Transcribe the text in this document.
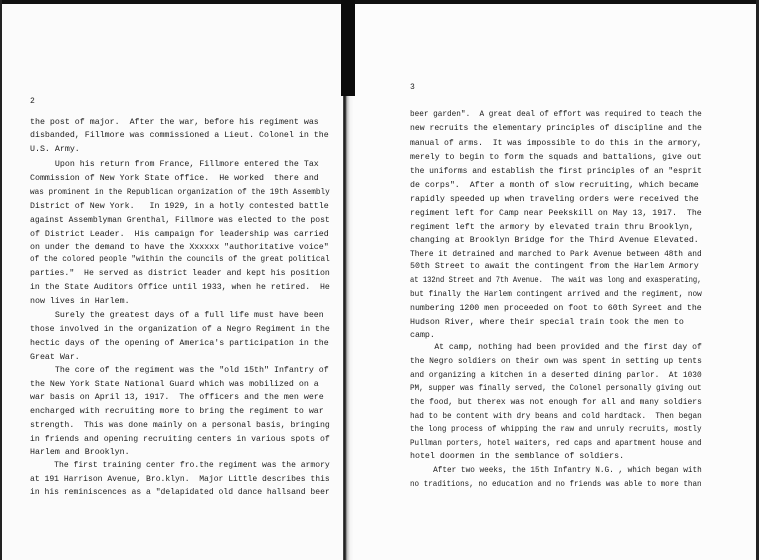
2
3
the post of major.  After the war, before his regiment was
disbanded, Fillmore was commissioned a Lieut. Colonel in the
U.S. Army.
Upon his return from France, Fillmore entered the Tax
Commission of New York State office.  He worked  there and
was prominent in the Republican organization of the 19th Assembly
District of New York.   In 1929, in a hotly contested battle
against Assemblyman Grenthal, Fillmore was elected to the post
of District Leader.  His campaign for leadership was carried
on under the demand to have the Xxxxxx "authoritative voice"
of the colored people "within the councils of the great political
parties."  He served as district leader and kept his position
in the State Auditors Office until 1933, when he retired.  He
now lives in Harlem.
Surely the greatest days of a full life must have been
those involved in the organization of a Negro Regiment in the
hectic days of the opening of America's participation in the
Great War.
The core of the regiment was the "old 15th" Infantry of
the New York State National Guard which was mobilized on a
war basis on April 13, 1917.  The officers and the men were
encharged with recruiting more to bring the regiment to war
strength.  This was done mainly on a personal basis, bringing
in friends and opening recruiting centers in various spots of
Harlem and Brooklyn.
The first training center fro.the regiment was the armory
at 191 Harrison Avenue, Bro.klyn.  Major Little describes this
in his reminiscences as a "delapidated old dance hallsand beer
beer garden".  A great deal of effort was required to teach the
new recruits the elementary principles of discipline and the
manual of arms.  It was impossible to do this in the armory,
merely to begin to form the squads and battalions, give out
the uniforms and establish the first principles of an "esprit
de corps".  After a month of slow recruiting, which became
rapidly speeded up when traveling orders were received the
regiment left for Camp near Peekskill on May 13, 1917.  The
regiment left the armory by elevated train thru Brooklyn,
changing at Brooklyn Bridge for the Third Avenue Elevated.
There it detrained and marched to Park Avenue between 48th and
50th Street to await the contingent from the Harlem Armory
at 132nd Street and 7th Avenue.  The wait was long and exasperating,
but finally the Harlem contingent arrived and the regiment, now
numbering 1200 men proceeded on foot to 60th Syreet and the
Hudson River, where their special train took the men to
camp.
At camp, nothing had been provided and the first day of
the Negro soldiers on their own was spent in setting up tents
and organizing a kitchen in a deserted dining parlor.  At 1030
PM, supper was finally served, the Colonel personally giving out
the food, but therex was not enough for all and many soldiers
had to be content with dry beans and cold hardtack.  Then began
the long process of whipping the raw and unruly recruits, mostly
Pullman porters, hotel waiters, red caps and apartment house and
hotel doormen in the semblance of soldiers.
After two weeks, the 15th Infantry N.G. , which began with
no traditions, no education and no friends was able to more than
